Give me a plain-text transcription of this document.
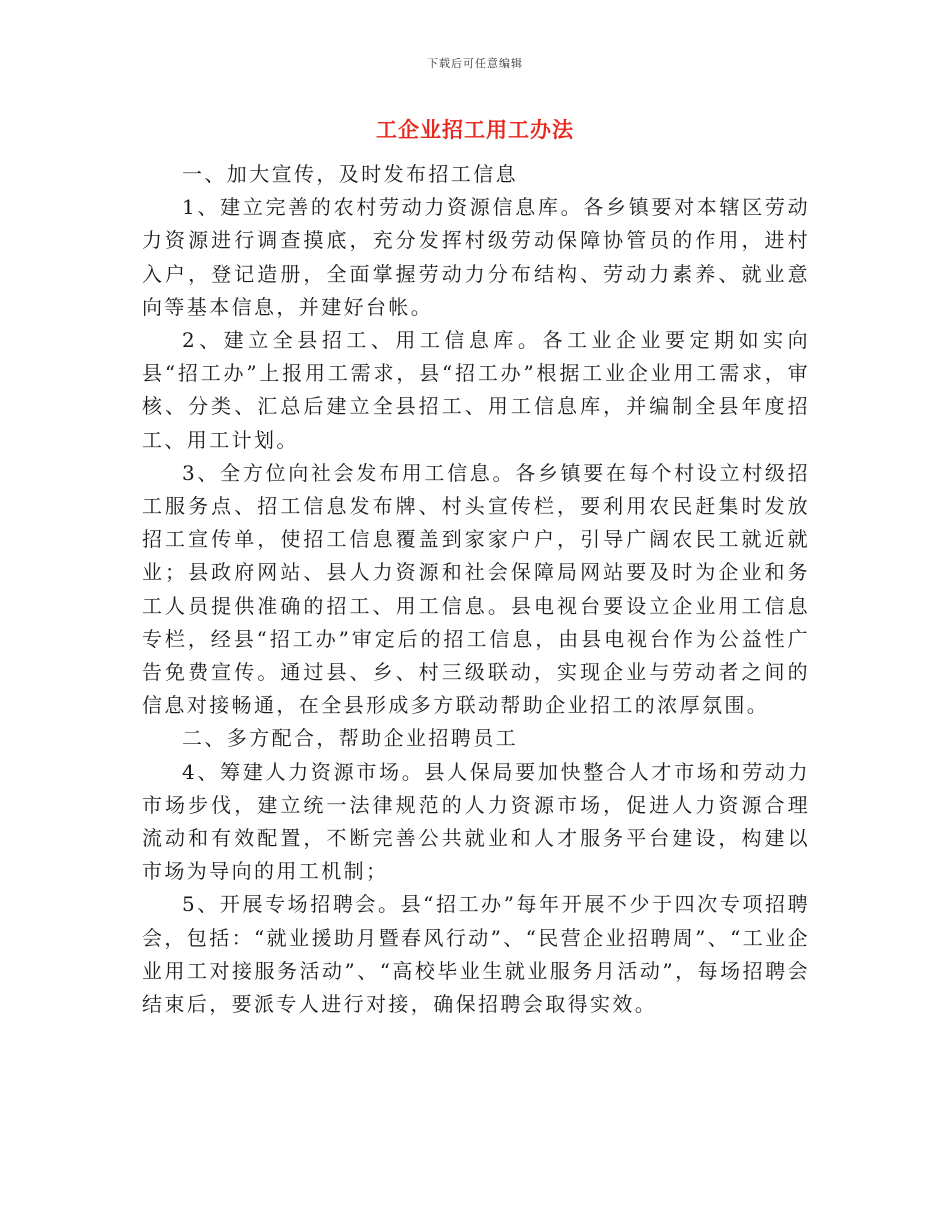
下载后可任意编辑
工企业招工用工办法

一、加大宣传，及时发布招工信息

1、建立完善的农村劳动力资源信息库。各乡镇要对本辖区劳动力资源进行调查摸底，充分发挥村级劳动保障协管员的作用，进村入户，登记造册，全面掌握劳动力分布结构、劳动力素养、就业意向等基本信息，并建好台帐。

2、建立全县招工、用工信息库。各工业企业要定期如实向县“招工办”上报用工需求，县“招工办”根据工业企业用工需求，审核、分类、汇总后建立全县招工、用工信息库，并编制全县年度招工、用工计划。

3、全方位向社会发布用工信息。各乡镇要在每个村设立村级招工服务点、招工信息发布牌、村头宣传栏，要利用农民赶集时发放招工宣传单，使招工信息覆盖到家家户户，引导广阔农民工就近就业；县政府网站、县人力资源和社会保障局网站要及时为企业和务工人员提供准确的招工、用工信息。县电视台要设立企业用工信息专栏，经县“招工办”审定后的招工信息，由县电视台作为公益性广告免费宣传。通过县、乡、村三级联动，实现企业与劳动者之间的信息对接畅通，在全县形成多方联动帮助企业招工的浓厚氛围。

二、多方配合，帮助企业招聘员工

4、筹建人力资源市场。县人保局要加快整合人才市场和劳动力市场步伐，建立统一法律规范的人力资源市场，促进人力资源合理流动和有效配置，不断完善公共就业和人才服务平台建设，构建以市场为导向的用工机制；

5、开展专场招聘会。县“招工办”每年开展不少于四次专项招聘会，包括：“就业援助月暨春风行动”、“民营企业招聘周”、“工业企业用工对接服务活动”、“高校毕业生就业服务月活动”，每场招聘会结束后，要派专人进行对接，确保招聘会取得实效。
